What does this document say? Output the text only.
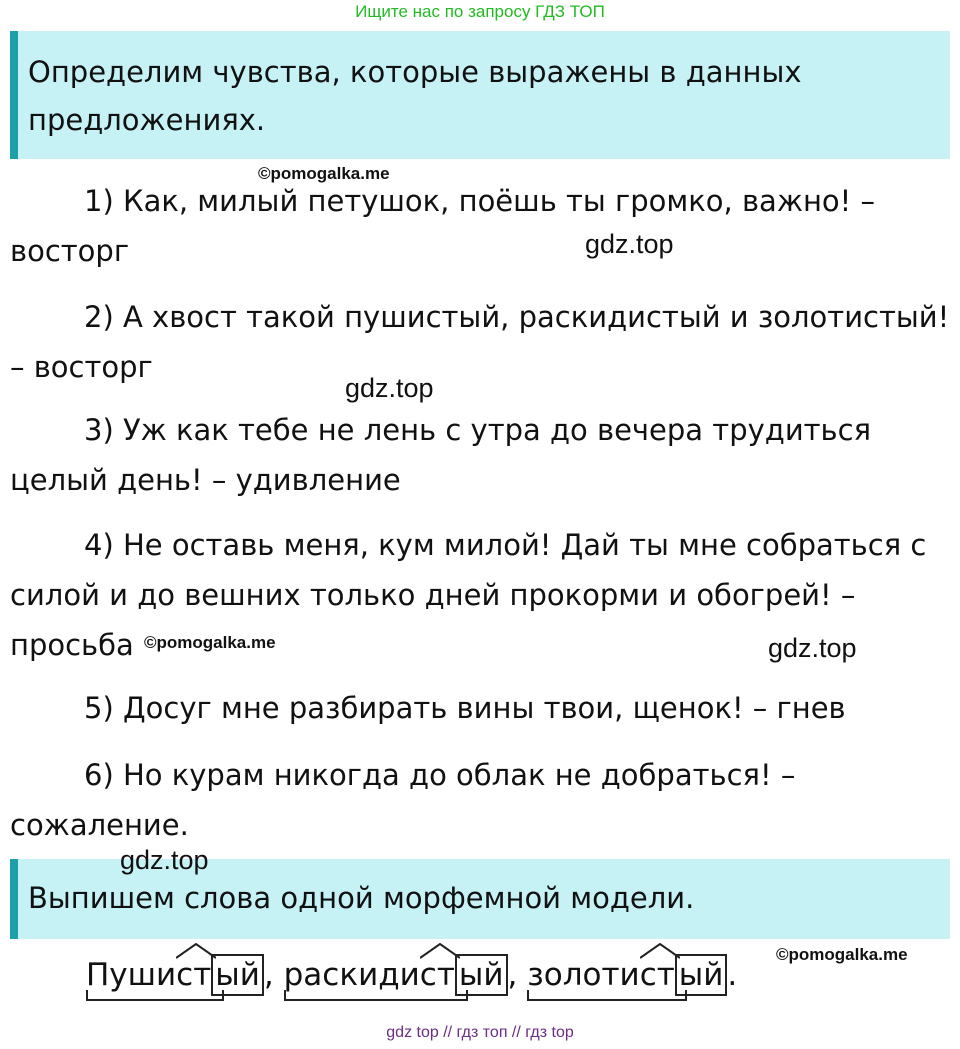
Ищите нас по запросу ГДЗ ТОП
Определим чувства, которые выражены в данных
предложениях.
©pomogalka.me
1) Как, милый петушок, поёшь ты громко, важно! –
восторг	gdz.top
2) А хвост такой пушистый, раскидистый и золотистый!
– восторг
gdz.top
3) Уж как тебе не лень с утра до вечера трудиться
целый день! – удивление
4) Не оставь меня, кум милой! Дай ты мне собраться с
силой и до вешних только дней прокорми и обогрей! –
просьба ©pomogalka.me	gdz.top
5) Досуг мне разбирать вины твои, щенок! – гнев
6) Но курам никогда до облак не добраться! –
сожаление.
Выпишем слова одной морфемной модели.
gdz.top
©pomogalka.me
Пуши
ст ый , раскиди
ст ый , золоти
ст ый .
gdz top // гдз топ // гдз top
